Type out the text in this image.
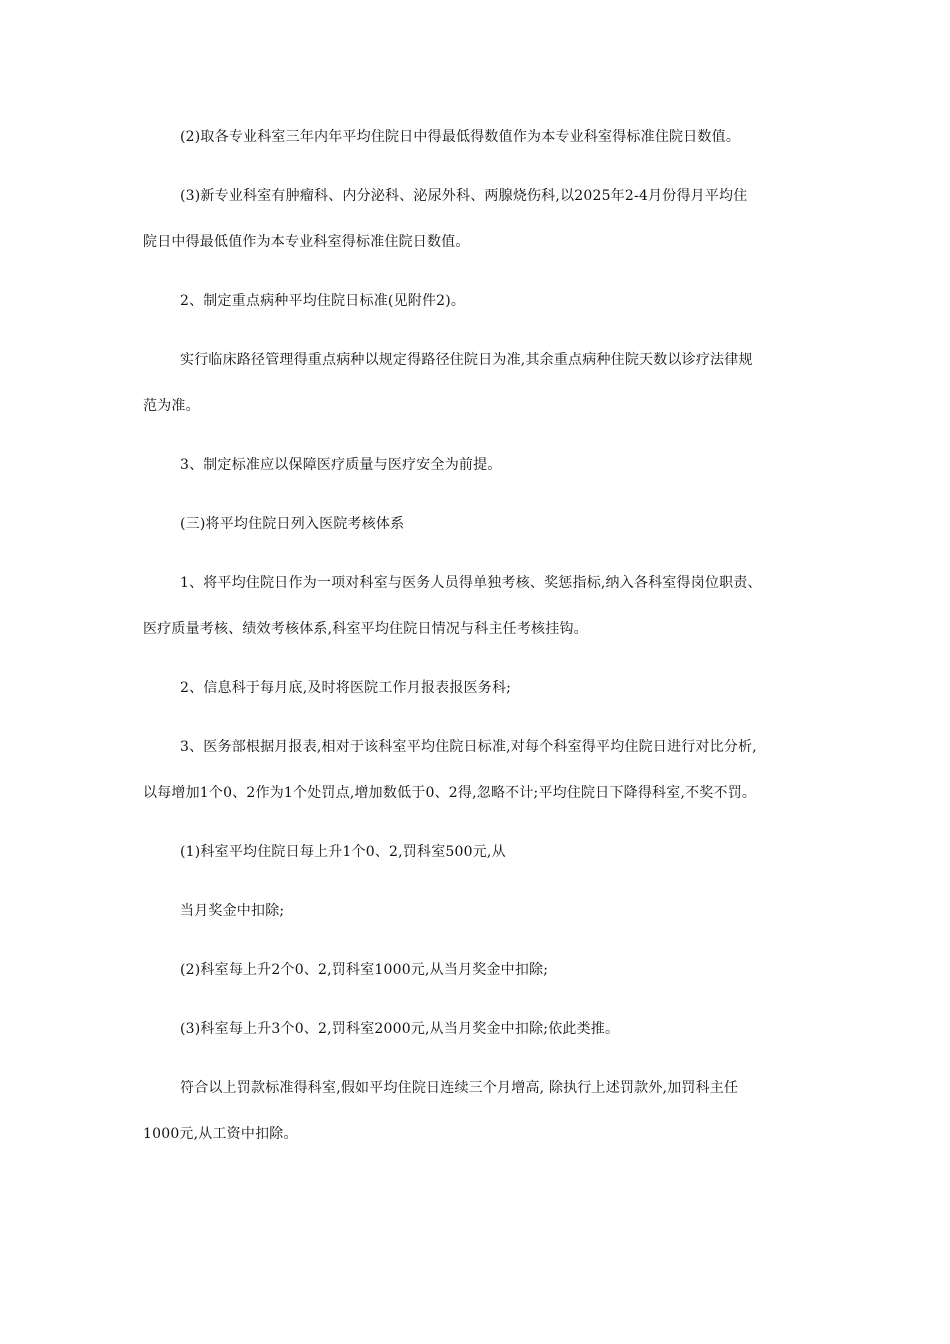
(2)取各专业科室三年内年平均住院日中得最低得数值作为本专业科室得标准住院日数值。
(3)新专业科室有肿瘤科、内分泌科、泌尿外科、两腺烧伤科,以2025年2-4月份得月平均住
院日中得最低值作为本专业科室得标准住院日数值。
2、制定重点病种平均住院日标准(见附件2)。
实行临床路径管理得重点病种以规定得路径住院日为准,其余重点病种住院天数以诊疗法律规
范为准。
3、制定标准应以保障医疗质量与医疗安全为前提。
(三)将平均住院日列入医院考核体系
1、将平均住院日作为一项对科室与医务人员得单独考核、奖惩指标,纳入各科室得岗位职责、
医疗质量考核、绩效考核体系,科室平均住院日情况与科主任考核挂钩。
2、信息科于每月底,及时将医院工作月报表报医务科;
3、医务部根据月报表,相对于该科室平均住院日标准,对每个科室得平均住院日进行对比分析,
以每增加1个0、2作为1个处罚点,增加数低于0、2得,忽略不计;平均住院日下降得科室,不奖不罚。
(1)科室平均住院日每上升1个0、2,罚科室500元,从
当月奖金中扣除;
(2)科室每上升2个0、2,罚科室1000元,从当月奖金中扣除;
(3)科室每上升3个0、2,罚科室2000元,从当月奖金中扣除;依此类推。
符合以上罚款标准得科室,假如平均住院日连续三个月增高, 除执行上述罚款外,加罚科主任
1000元,从工资中扣除。
